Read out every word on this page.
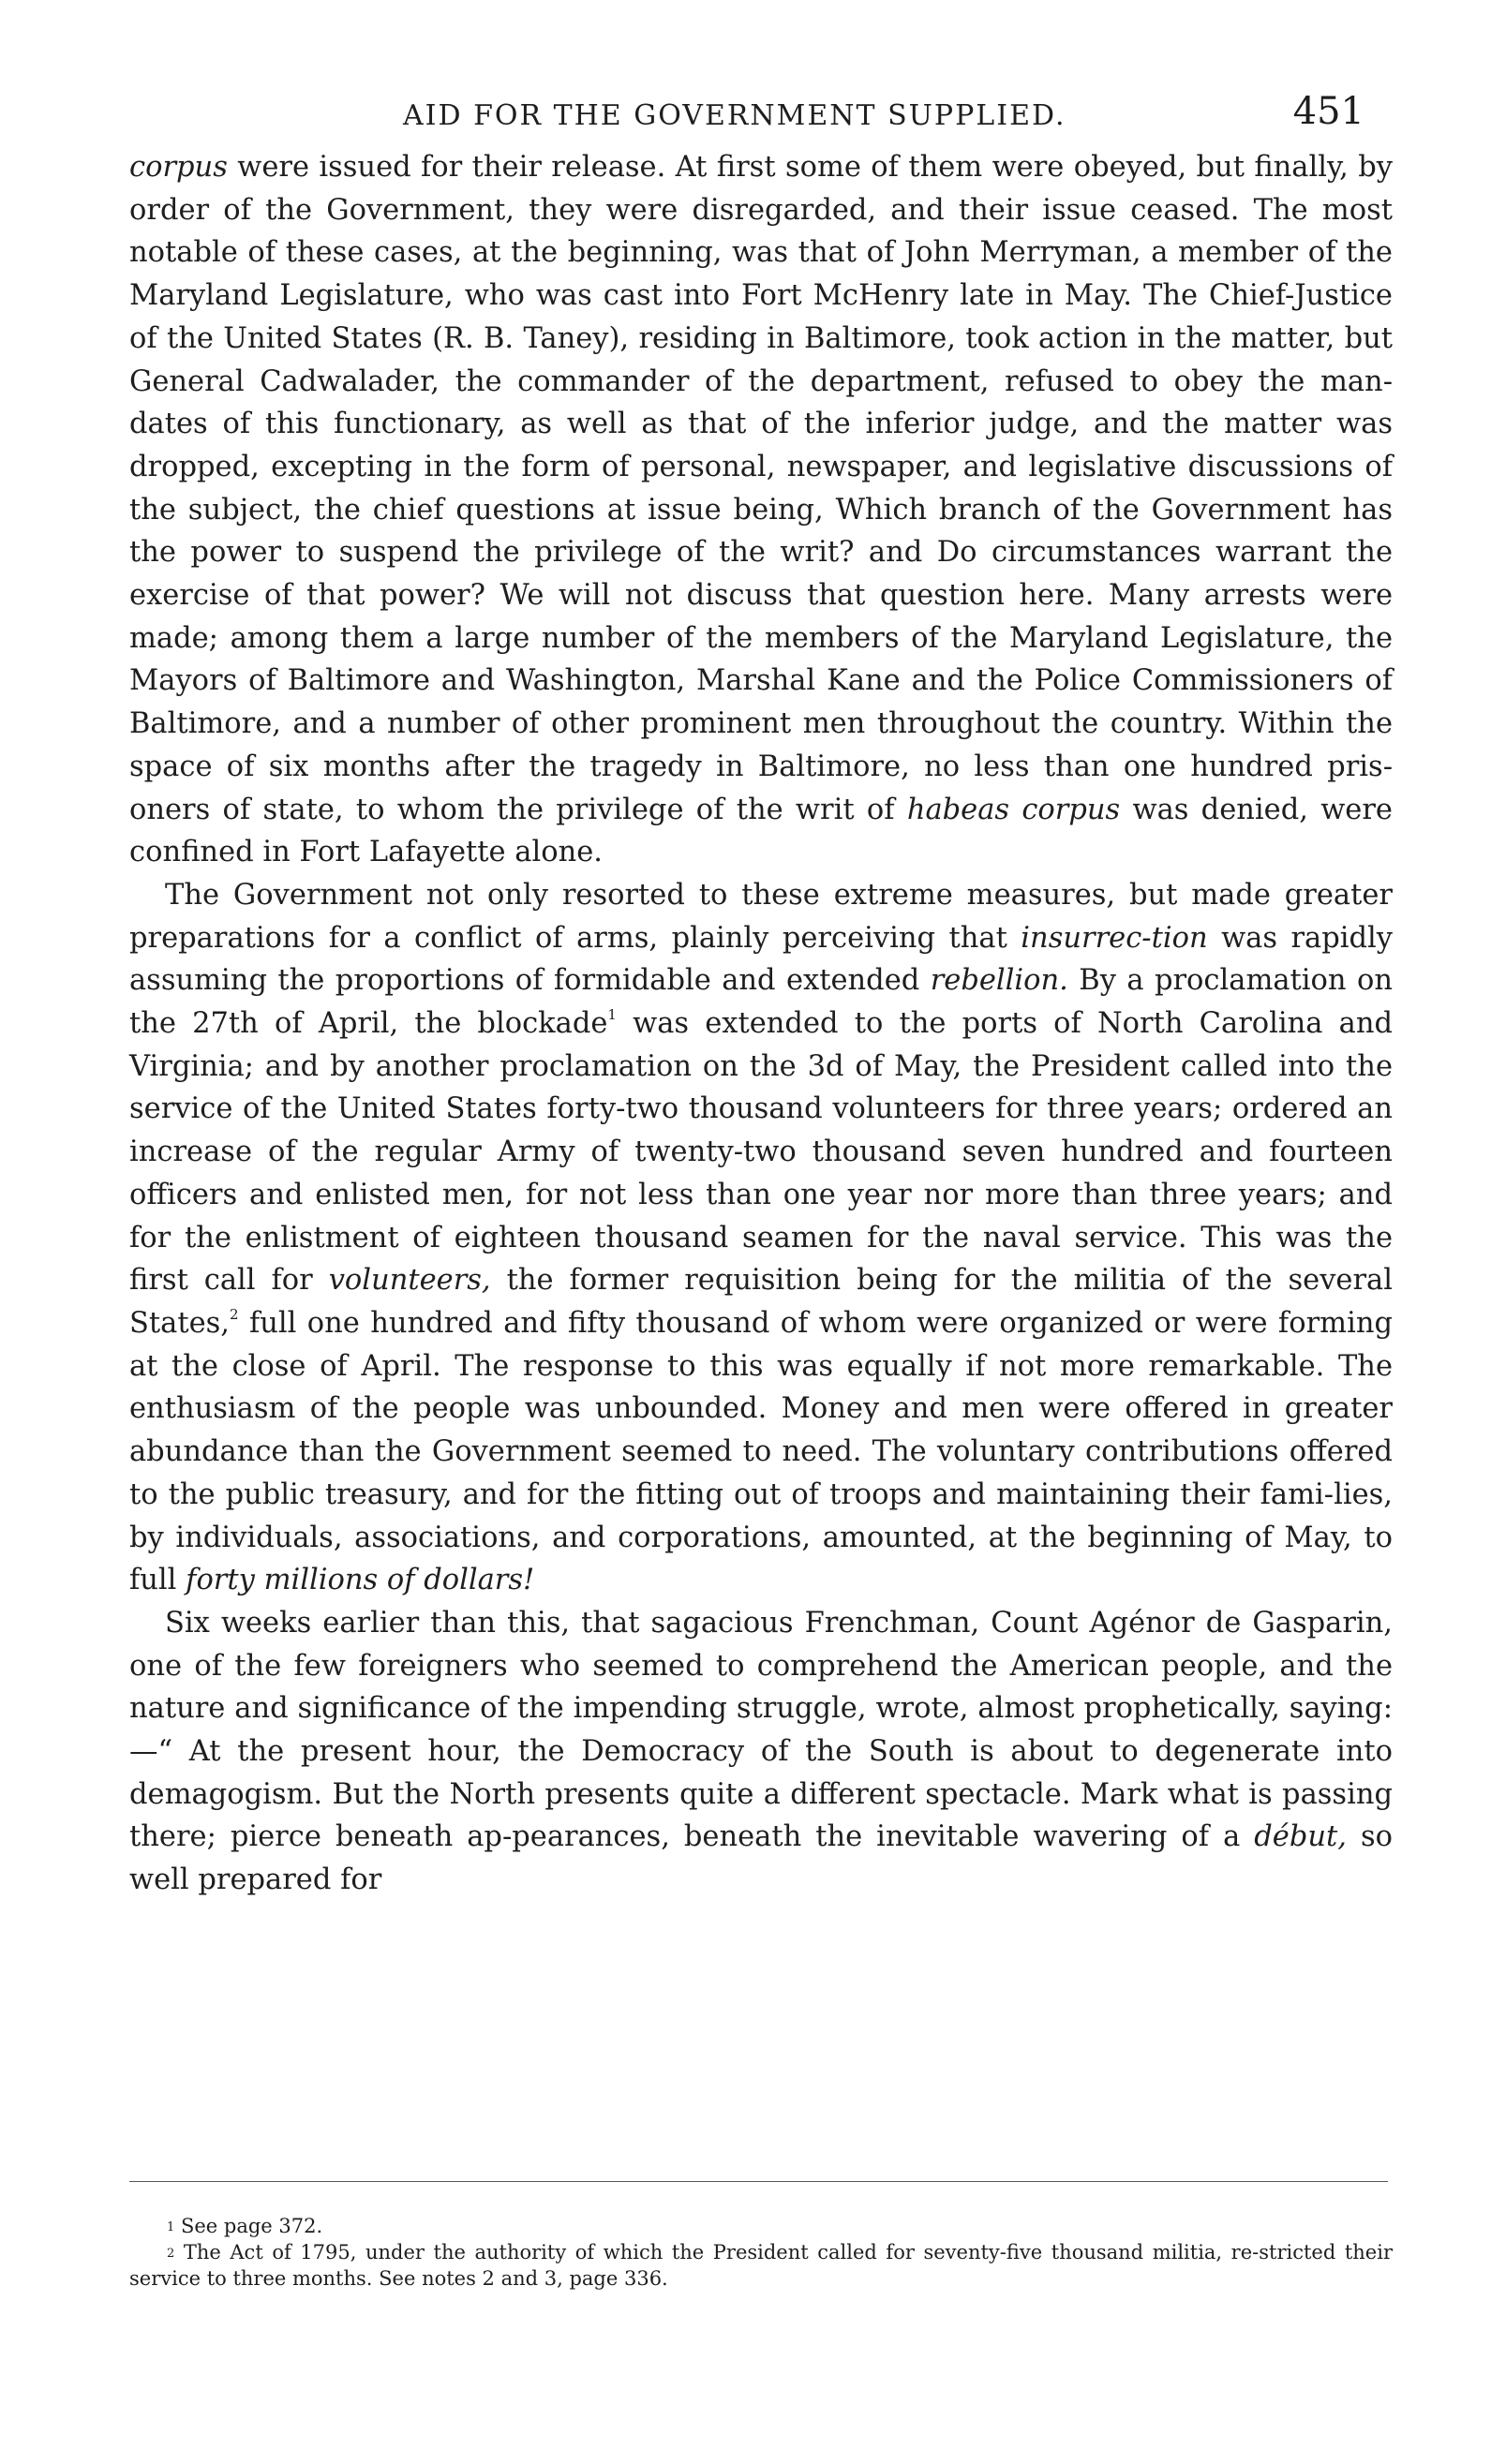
AID FOR THE GOVERNMENT SUPPLIED.	451

corpus were issued for their release. At first some of them were obeyed, but finally, by order of the Government, they were disregarded, and their issue ceased. The most notable of these cases, at the beginning, was that of John Merryman, a member of the Maryland Legislature, who was cast into Fort McHenry late in May. The Chief-Justice of the United States (R. B. Taney), residing in Baltimore, took action in the matter, but General Cadwalader, the commander of the department, refused to obey the man-dates of this functionary, as well as that of the inferior judge, and the matter was dropped, excepting in the form of personal, newspaper, and legislative discussions of the subject, the chief questions at issue being, Which branch of the Government has the power to suspend the privilege of the writ? and Do circumstances warrant the exercise of that power? We will not discuss that question here. Many arrests were made; among them a large number of the members of the Maryland Legislature, the Mayors of Baltimore and Washington, Marshal Kane and the Police Commissioners of Baltimore, and a number of other prominent men throughout the country. Within the space of six months after the tragedy in Baltimore, no less than one hundred pris-oners of state, to whom the privilege of the writ of habeas corpus was denied, were confined in Fort Lafayette alone.

The Government not only resorted to these extreme measures, but made greater preparations for a conflict of arms, plainly perceiving that insurrec-tion was rapidly assuming the proportions of formidable and extended rebellion. By a proclamation on the 27th of April, the blockade$^1$ was extended to the ports of North Carolina and Virginia; and by another proclamation on the 3d of May, the President called into the service of the United States forty-two thousand volunteers for three years; ordered an increase of the regular Army of twenty-two thousand seven hundred and fourteen officers and enlisted men, for not less than one year nor more than three years; and for the enlistment of eighteen thousand seamen for the naval service. This was the first call for volunteers, the former requisition being for the militia of the several States,$^2$ full one hundred and fifty thousand of whom were organized or were forming at the close of April. The response to this was equally if not more remarkable. The enthusiasm of the people was unbounded. Money and men were offered in greater abundance than the Government seemed to need. The voluntary contributions offered to the public treasury, and for the fitting out of troops and maintaining their fami-lies, by individuals, associations, and corporations, amounted, at the beginning of May, to full forty millions of dollars!

Six weeks earlier than this, that sagacious Frenchman, Count Agénor de Gasparin, one of the few foreigners who seemed to comprehend the American people, and the nature and significance of the impending struggle, wrote, almost prophetically, saying:—“ At the present hour, the Democracy of the South is about to degenerate into demagogism. But the North presents quite a different spectacle. Mark what is passing there; pierce beneath ap-pearances, beneath the inevitable wavering of a début, so well prepared for

$^1$ See page 372.

$^2$ The Act of 1795, under the authority of which the President called for seventy-five thousand militia, re-stricted their service to three months. See notes 2 and 3, page 336.
